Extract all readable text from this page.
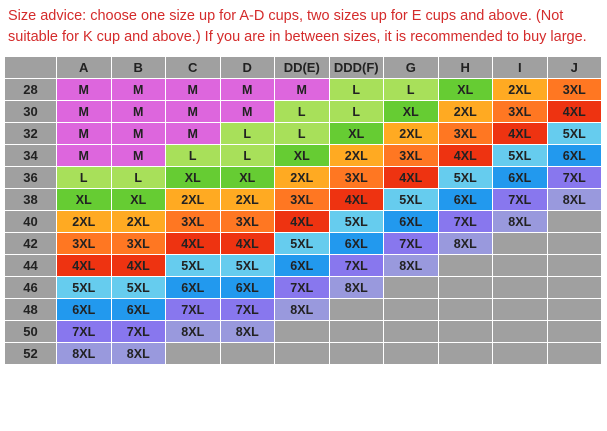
Size advice: choose one size up for A-D cups, two sizes up for E cups and above. (Not suitable for K cup and above.) If you are in between sizes, it is recommended to buy large.
	A	B	C	D	DD(E)	DDD(F)	G	H	I	J
28	M	M	M	M	M	L	L	XL	2XL	3XL
30	M	M	M	M	L	L	XL	2XL	3XL	4XL
32	M	M	M	L	L	XL	2XL	3XL	4XL	5XL
34	M	M	L	L	XL	2XL	3XL	4XL	5XL	6XL
36	L	L	XL	XL	2XL	3XL	4XL	5XL	6XL	7XL
38	XL	XL	2XL	2XL	3XL	4XL	5XL	6XL	7XL	8XL
40	2XL	2XL	3XL	3XL	4XL	5XL	6XL	7XL	8XL	
42	3XL	3XL	4XL	4XL	5XL	6XL	7XL	8XL		
44	4XL	4XL	5XL	5XL	6XL	7XL	8XL			
46	5XL	5XL	6XL	6XL	7XL	8XL				
48	6XL	6XL	7XL	7XL	8XL					
50	7XL	7XL	8XL	8XL						
52	8XL	8XL								
